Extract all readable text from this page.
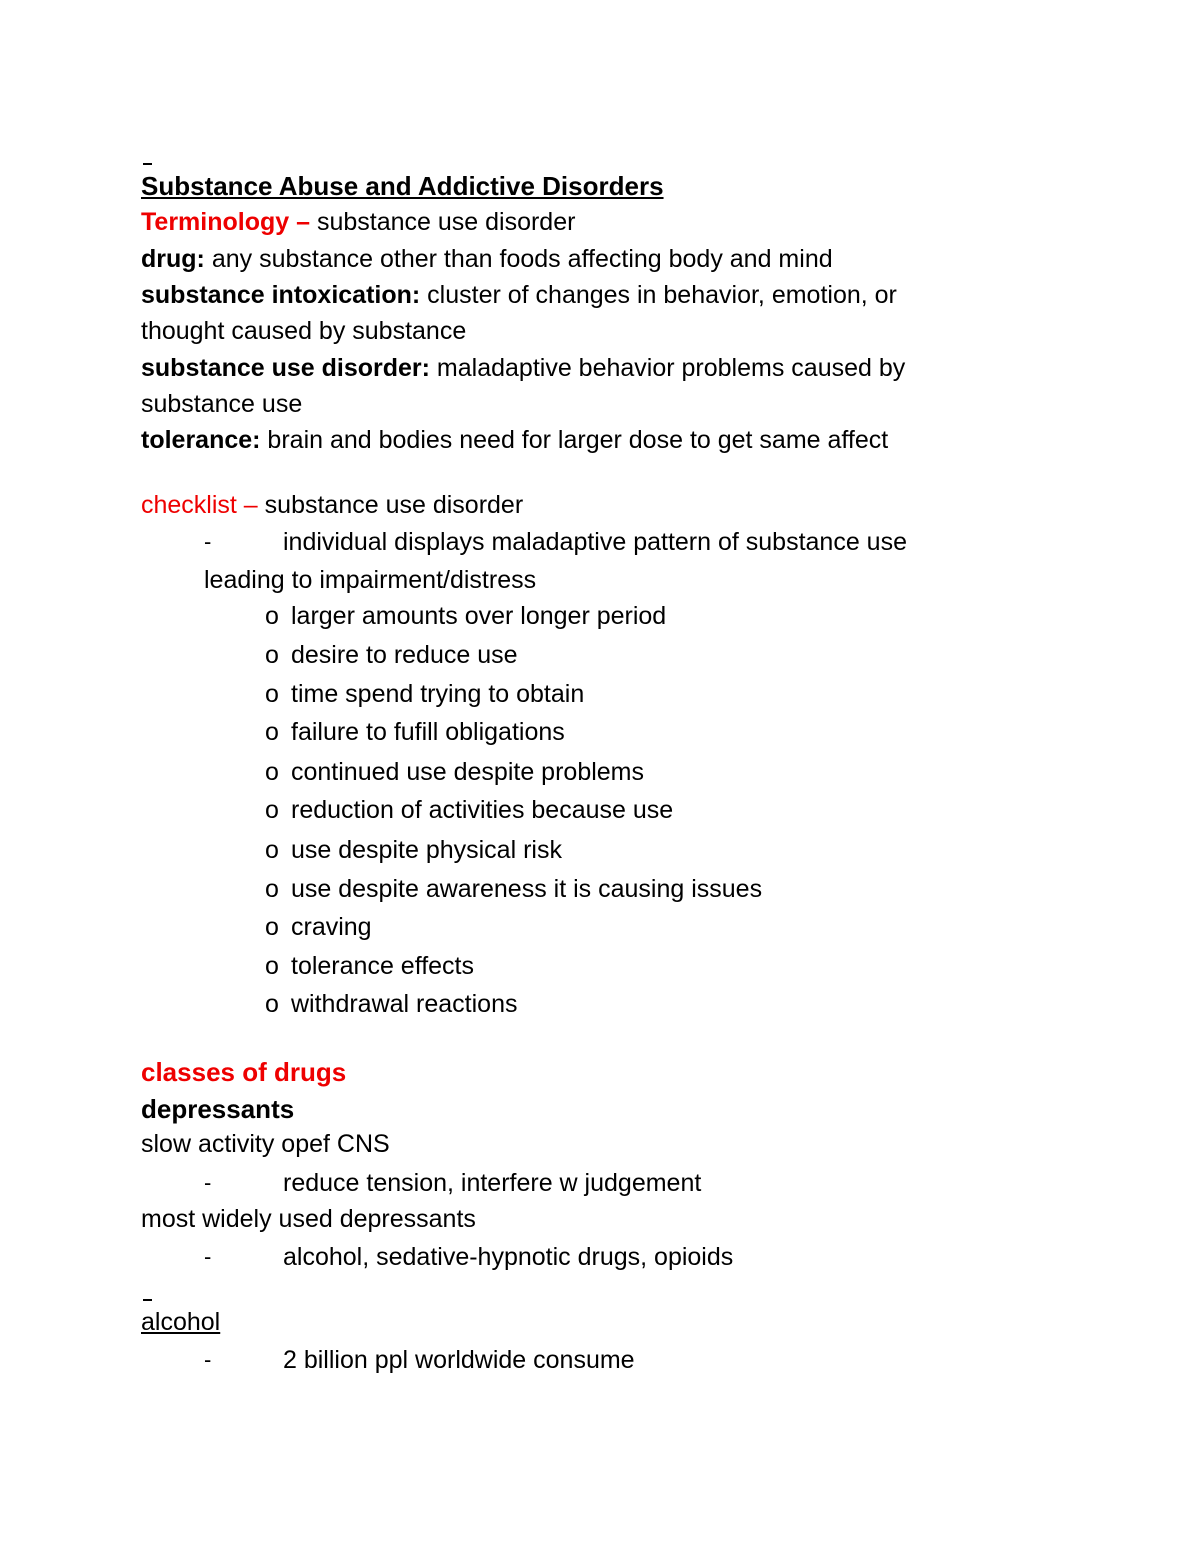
Substance Abuse and Addictive Disorders
Terminology – substance use disorder
drug: any substance other than foods affecting body and mind
substance intoxication: cluster of changes in behavior, emotion, or
thought caused by substance
substance use disorder: maladaptive behavior problems caused by
substance use
tolerance: brain and bodies need for larger dose to get same affect
checklist – substance use disorder
-	individual displays maladaptive pattern of substance use
leading to impairment/distress
o larger amounts over longer period
o desire to reduce use
o time spend trying to obtain
o failure to fufill obligations
o continued use despite problems
o reduction of activities because use
o use despite physical risk
o use despite awareness it is causing issues
o craving
o tolerance effects
o withdrawal reactions
classes of drugs
depressants
slow activity opef CNS
-	reduce tension, interfere w judgement
most widely used depressants
-	alcohol, sedative-hypnotic drugs, opioids
alcohol
-	2 billion ppl worldwide consume
